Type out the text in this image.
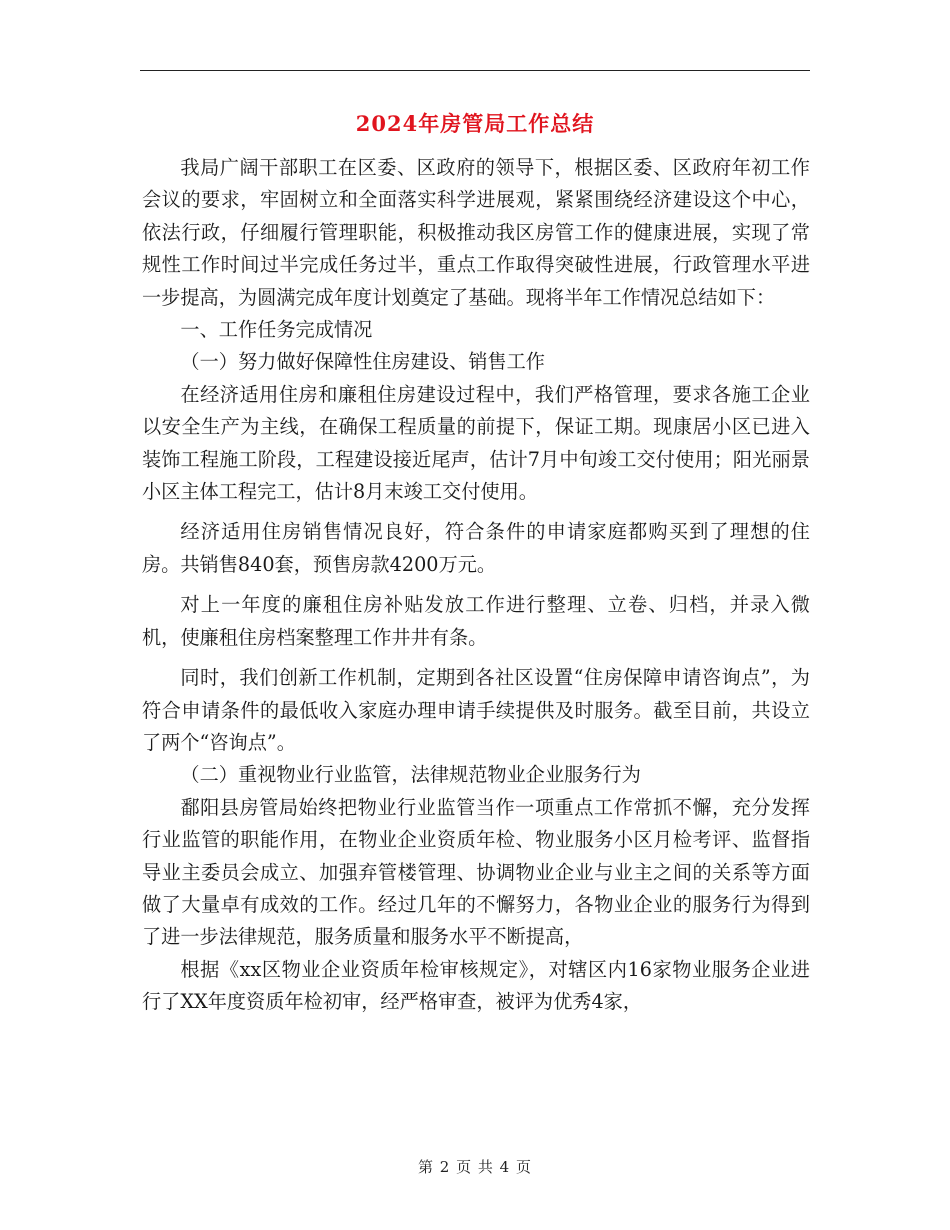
2024年房管局工作总结

我局广阔干部职工在区委、区政府的领导下，根据区委、区政府年初工作会议的要求，牢固树立和全面落实科学进展观，紧紧围绕经济建设这个中心，依法行政，仔细履行管理职能，积极推动我区房管工作的健康进展，实现了常规性工作时间过半完成任务过半，重点工作取得突破性进展，行政管理水平进一步提高，为圆满完成年度计划奠定了基础。现将半年工作情况总结如下：

一、工作任务完成情况

（一）努力做好保障性住房建设、销售工作

在经济适用住房和廉租住房建设过程中，我们严格管理，要求各施工企业以安全生产为主线，在确保工程质量的前提下，保证工期。现康居小区已进入装饰工程施工阶段，工程建设接近尾声，估计7月中旬竣工交付使用；阳光丽景小区主体工程完工，估计8月末竣工交付使用。

经济适用住房销售情况良好，符合条件的申请家庭都购买到了理想的住房。共销售840套，预售房款4200万元。

对上一年度的廉租住房补贴发放工作进行整理、立卷、归档，并录入微机，使廉租住房档案整理工作井井有条。

同时，我们创新工作机制，定期到各社区设置“住房保障申请咨询点”，为符合申请条件的最低收入家庭办理申请手续提供及时服务。截至目前，共设立了两个“咨询点”。

（二）重视物业行业监管，法律规范物业企业服务行为

鄱阳县房管局始终把物业行业监管当作一项重点工作常抓不懈，充分发挥行业监管的职能作用，在物业企业资质年检、物业服务小区月检考评、监督指导业主委员会成立、加强弃管楼管理、协调物业企业与业主之间的关系等方面做了大量卓有成效的工作。经过几年的不懈努力，各物业企业的服务行为得到了进一步法律规范，服务质量和服务水平不断提高，

根据《xx区物业企业资质年检审核规定》，对辖区内16家物业服务企业进行了XX年度资质年检初审，经严格审查，被评为优秀4家，

第 2 页 共 4 页
